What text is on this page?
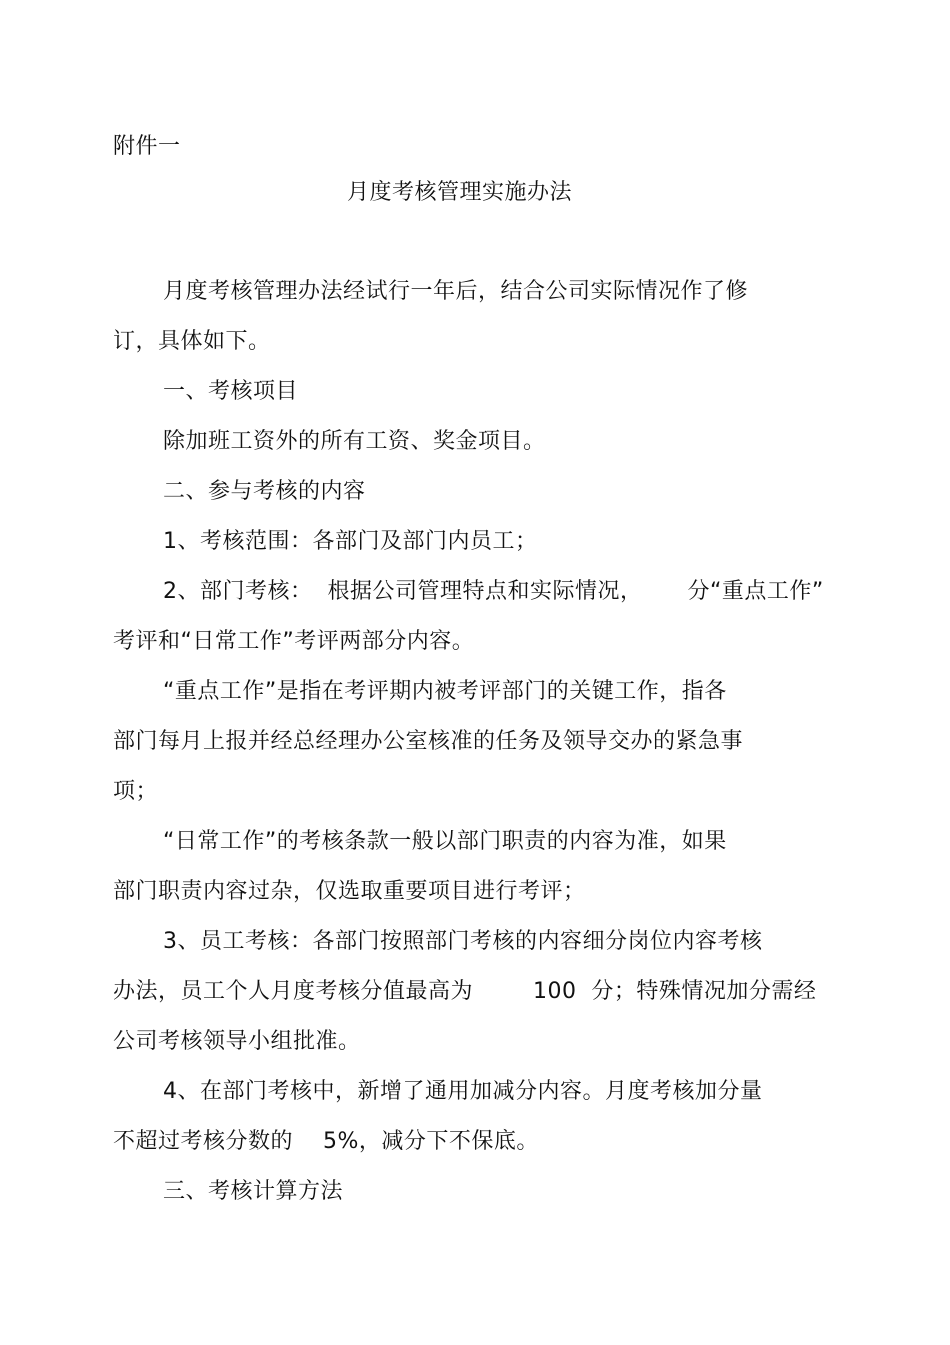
附件一
月度考核管理实施办法
月度考核管理办法经试行一年后，结合公司实际情况作了修
订，具体如下。
一、考核项目
除加班工资外的所有工资、奖金项目。
二、参与考核的内容
1、考核范围：各部门及部门内员工；
2、部门考核：  根据公司管理特点和实际情况，      分“重点工作”
考评和“日常工作”考评两部分内容。
“重点工作”是指在考评期内被考评部门的关键工作，指各
部门每月上报并经总经理办公室核准的任务及领导交办的紧急事
项；
“日常工作”的考核条款一般以部门职责的内容为准，如果
部门职责内容过杂，仅选取重要项目进行考评；
3、员工考核：各部门按照部门考核的内容细分岗位内容考核
办法，员工个人月度考核分值最高为        100  分；特殊情况加分需经
公司考核领导小组批准。
4、在部门考核中，新增了通用加减分内容。月度考核加分量
不超过考核分数的    5%，减分下不保底。
三、考核计算方法
